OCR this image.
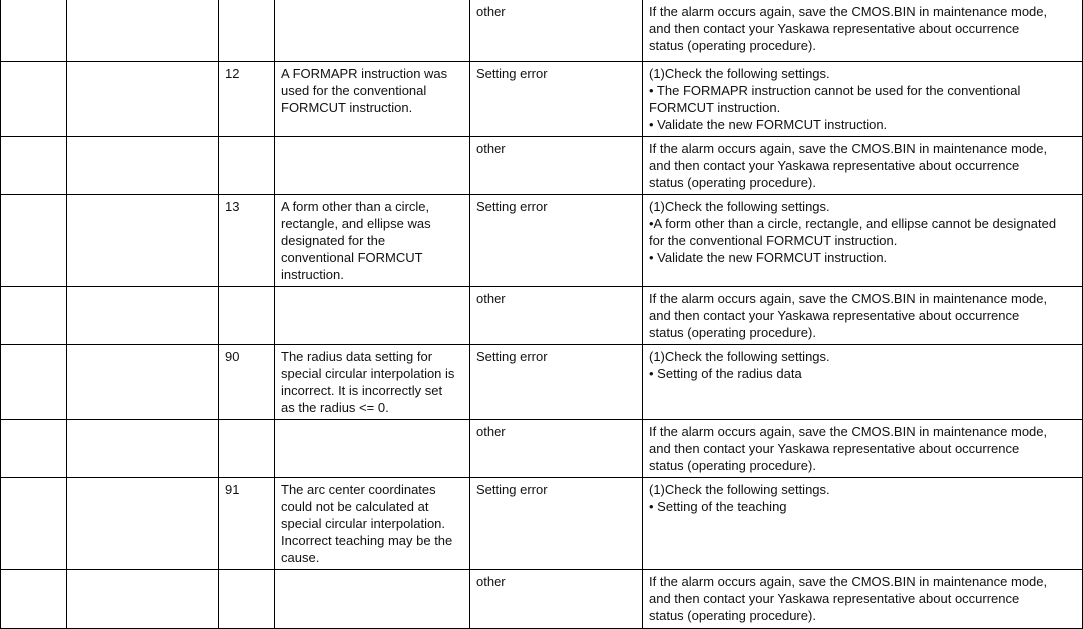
				other	If the alarm occurs again, save the CMOS.BIN in maintenance mode,
and then contact your Yaskawa representative about occurrence
status (operating procedure).

		12	A FORMAPR instruction was
used for the conventional
FORMCUT instruction.	Setting error	(1)Check the following settings.
• The FORMAPR instruction cannot be used for the conventional
FORMCUT instruction.
• Validate the new FORMCUT instruction.

				other	If the alarm occurs again, save the CMOS.BIN in maintenance mode,
and then contact your Yaskawa representative about occurrence
status (operating procedure).

		13	A form other than a circle,
rectangle, and ellipse was
designated for the
conventional FORMCUT
instruction.	Setting error	(1)Check the following settings.
•A form other than a circle, rectangle, and ellipse cannot be designated
for the conventional FORMCUT instruction.
• Validate the new FORMCUT instruction.

				other	If the alarm occurs again, save the CMOS.BIN in maintenance mode,
and then contact your Yaskawa representative about occurrence
status (operating procedure).

		90	The radius data setting for
special circular interpolation is
incorrect. It is incorrectly set
as the radius <= 0.	Setting error	(1)Check the following settings.
• Setting of the radius data

				other	If the alarm occurs again, save the CMOS.BIN in maintenance mode,
and then contact your Yaskawa representative about occurrence
status (operating procedure).

		91	The arc center coordinates
could not be calculated at
special circular interpolation.
Incorrect teaching may be the
cause.	Setting error	(1)Check the following settings.
• Setting of the teaching

				other	If the alarm occurs again, save the CMOS.BIN in maintenance mode,
and then contact your Yaskawa representative about occurrence
status (operating procedure).
